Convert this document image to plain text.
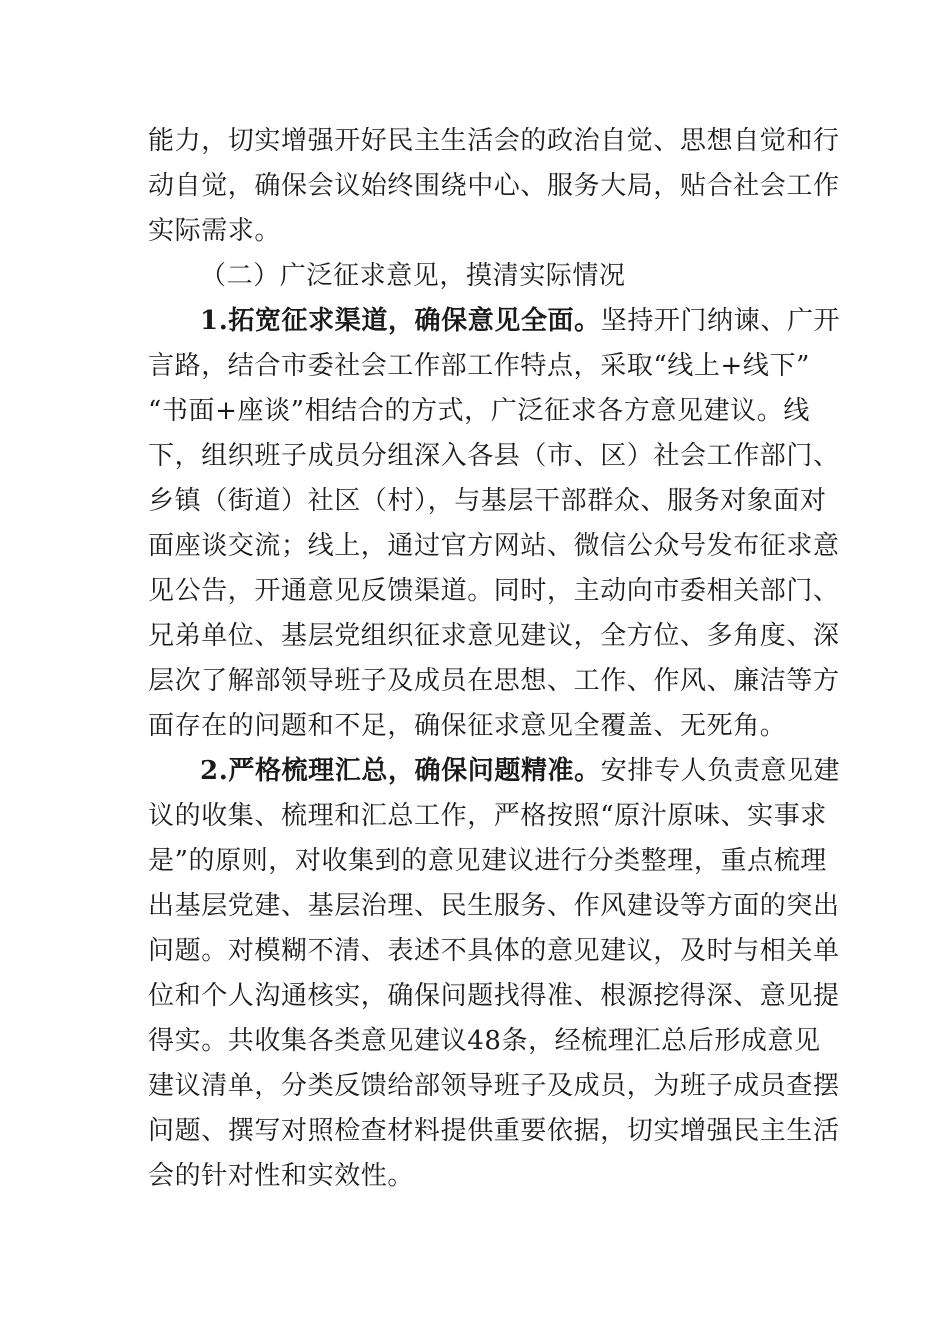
能力，切实增强开好民主生活会的政治自觉、思想自觉和行
动自觉，确保会议始终围绕中心、服务大局，贴合社会工作
实际需求。
（二）广泛征求意见，摸清实际情况
1.拓宽征求渠道，确保意见全面。坚持开门纳谏、广开
言路，结合市委社会工作部工作特点，采取“线上+线下”
“书面+座谈”相结合的方式，广泛征求各方意见建议。线
下，组织班子成员分组深入各县（市、区）社会工作部门、
乡镇（街道）社区（村），与基层干部群众、服务对象面对
面座谈交流；线上，通过官方网站、微信公众号发布征求意
见公告，开通意见反馈渠道。同时，主动向市委相关部门、
兄弟单位、基层党组织征求意见建议，全方位、多角度、深
层次了解部领导班子及成员在思想、工作、作风、廉洁等方
面存在的问题和不足，确保征求意见全覆盖、无死角。
2.严格梳理汇总，确保问题精准。安排专人负责意见建
议的收集、梳理和汇总工作，严格按照“原汁原味、实事求
是”的原则，对收集到的意见建议进行分类整理，重点梳理
出基层党建、基层治理、民生服务、作风建设等方面的突出
问题。对模糊不清、表述不具体的意见建议，及时与相关单
位和个人沟通核实，确保问题找得准、根源挖得深、意见提
得实。共收集各类意见建议48条，经梳理汇总后形成意见
建议清单，分类反馈给部领导班子及成员，为班子成员查摆
问题、撰写对照检查材料提供重要依据，切实增强民主生活
会的针对性和实效性。
